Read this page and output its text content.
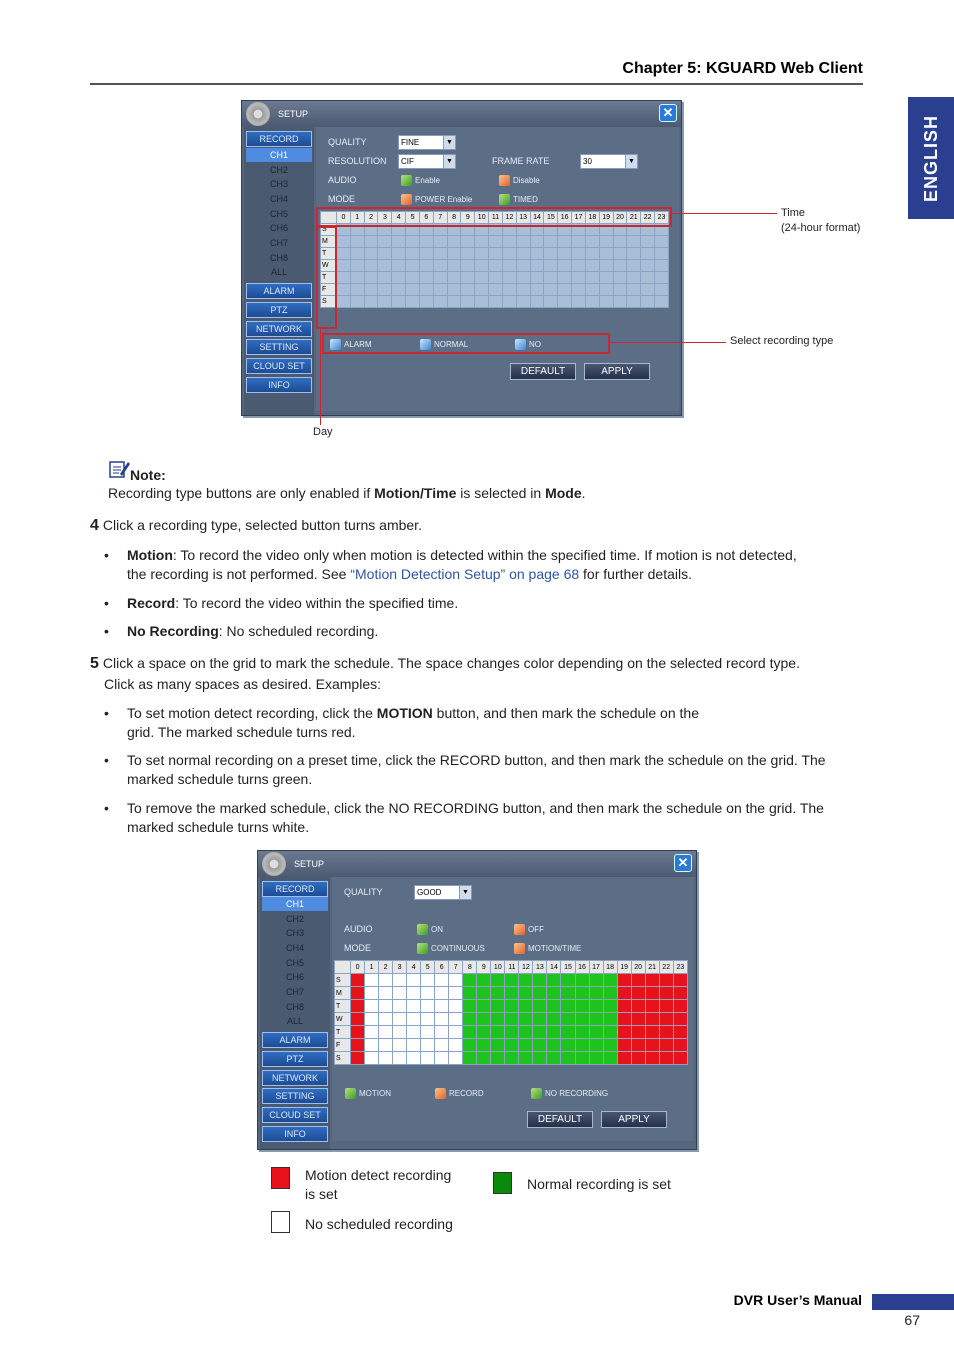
Chapter 5: KGUARD Web Client
ENGLISH
SETUP	✕
RECORD
CH1
CH2
CH3
CH4
CH5
CH6
CH7
CH8
ALL
ALARM
PTZ
NETWORK
SETTING
CLOUD SET
INFO
QUALITY	FINE	▼
RESOLUTION	CIF	▼	FRAME RATE	30	▼
AUDIO	Enable	Disable
MODE	POWER Enable	TIMED
	0	1	2	3	4	5	6	7	8	9	10	11	12	13	14	15	16	17	18	19	20	21	22	23
S																								
M																								
T																								
W																								
T																								
F																								
S																								
ALARM	NORMAL	NO
DEFAULT	APPLY
Time
(24-hour format)
Select recording type
Day
Note:
Recording type buttons are only enabled if Motion/Time is selected in Mode.
4 Click a recording type, selected button turns amber.
• Motion: To record the video only when motion is detected within the specified time. If motion is not detected,
the recording is not performed. See “Motion Detection Setup” on page 68 for further details.
• Record: To record the video within the specified time.
• No Recording: No scheduled recording.
5 Click a space on the grid to mark the schedule. The space changes color depending on the selected record type.
Click as many spaces as desired. Examples:
• To set motion detect recording, click the MOTION button, and then mark the schedule on the
grid. The marked schedule turns red.
• To set normal recording on a preset time, click the RECORD button, and then mark the schedule on the grid. The
marked schedule turns green.
• To remove the marked schedule, click the NO RECORDING button, and then mark the schedule on the grid. The
marked schedule turns white.
SETUP	✕
RECORD
CH1
CH2
CH3
CH4
CH5
CH6
CH7
CH8
ALL
ALARM
PTZ
NETWORK
SETTING
CLOUD SET
INFO
QUALITY	GOOD	▼
AUDIO	ON	OFF
MODE	CONTINUOUS	MOTION/TIME
	0	1	2	3	4	5	6	7	8	9	10	11	12	13	14	15	16	17	18	19	20	21	22	23
S																								
M																								
T																								
W																								
T																								
F																								
S																								
MOTION	RECORD	NO RECORDING
DEFAULT	APPLY
Motion detect recording
is set
Normal recording is set
No scheduled recording
DVR User’s Manual
67
